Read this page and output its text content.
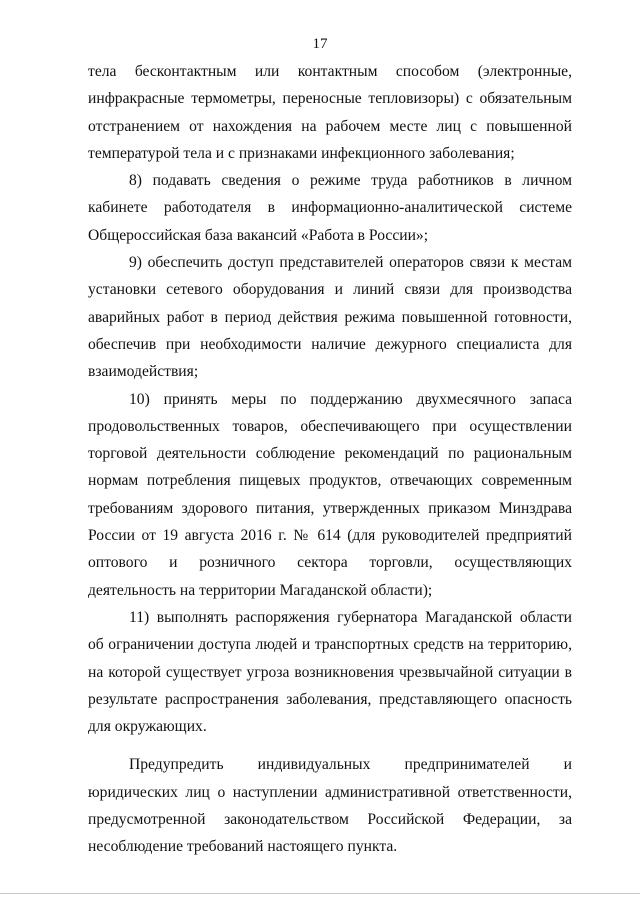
17

тела бесконтактным или контактным способом (электронные, инфракрасные термометры, переносные тепловизоры) с обязательным отстранением от нахождения на рабочем месте лиц с повышенной температурой тела и с признаками инфекционного заболевания;

8) подавать сведения о режиме труда работников в личном кабинете работодателя в информационно-аналитической системе Общероссийская база вакансий «Работа в России»;

9) обеспечить доступ представителей операторов связи к местам установки сетевого оборудования и линий связи для производства аварийных работ в период действия режима повышенной готовности, обеспечив при необходимости наличие дежурного специалиста для взаимодействия;

10) принять меры по поддержанию двухмесячного запаса продовольственных товаров, обеспечивающего при осуществлении торговой деятельности соблюдение рекомендаций по рациональным нормам потребления пищевых продуктов, отвечающих современным требованиям здорового питания, утвержденных приказом Минздрава России от 19 августа 2016 г. № 614 (для руководителей предприятий оптового и розничного сектора торговли, осуществляющих деятельность на территории Магаданской области);

11) выполнять распоряжения губернатора Магаданской области об ограничении доступа людей и транспортных средств на территорию, на которой существует угроза возникновения чрезвычайной ситуации в результате распространения заболевания, представляющего опасность для окружающих.

Предупредить индивидуальных предпринимателей и юридических лиц о наступлении административной ответственности, предусмотренной законодательством Российской Федерации, за несоблюдение требований настоящего пункта.
